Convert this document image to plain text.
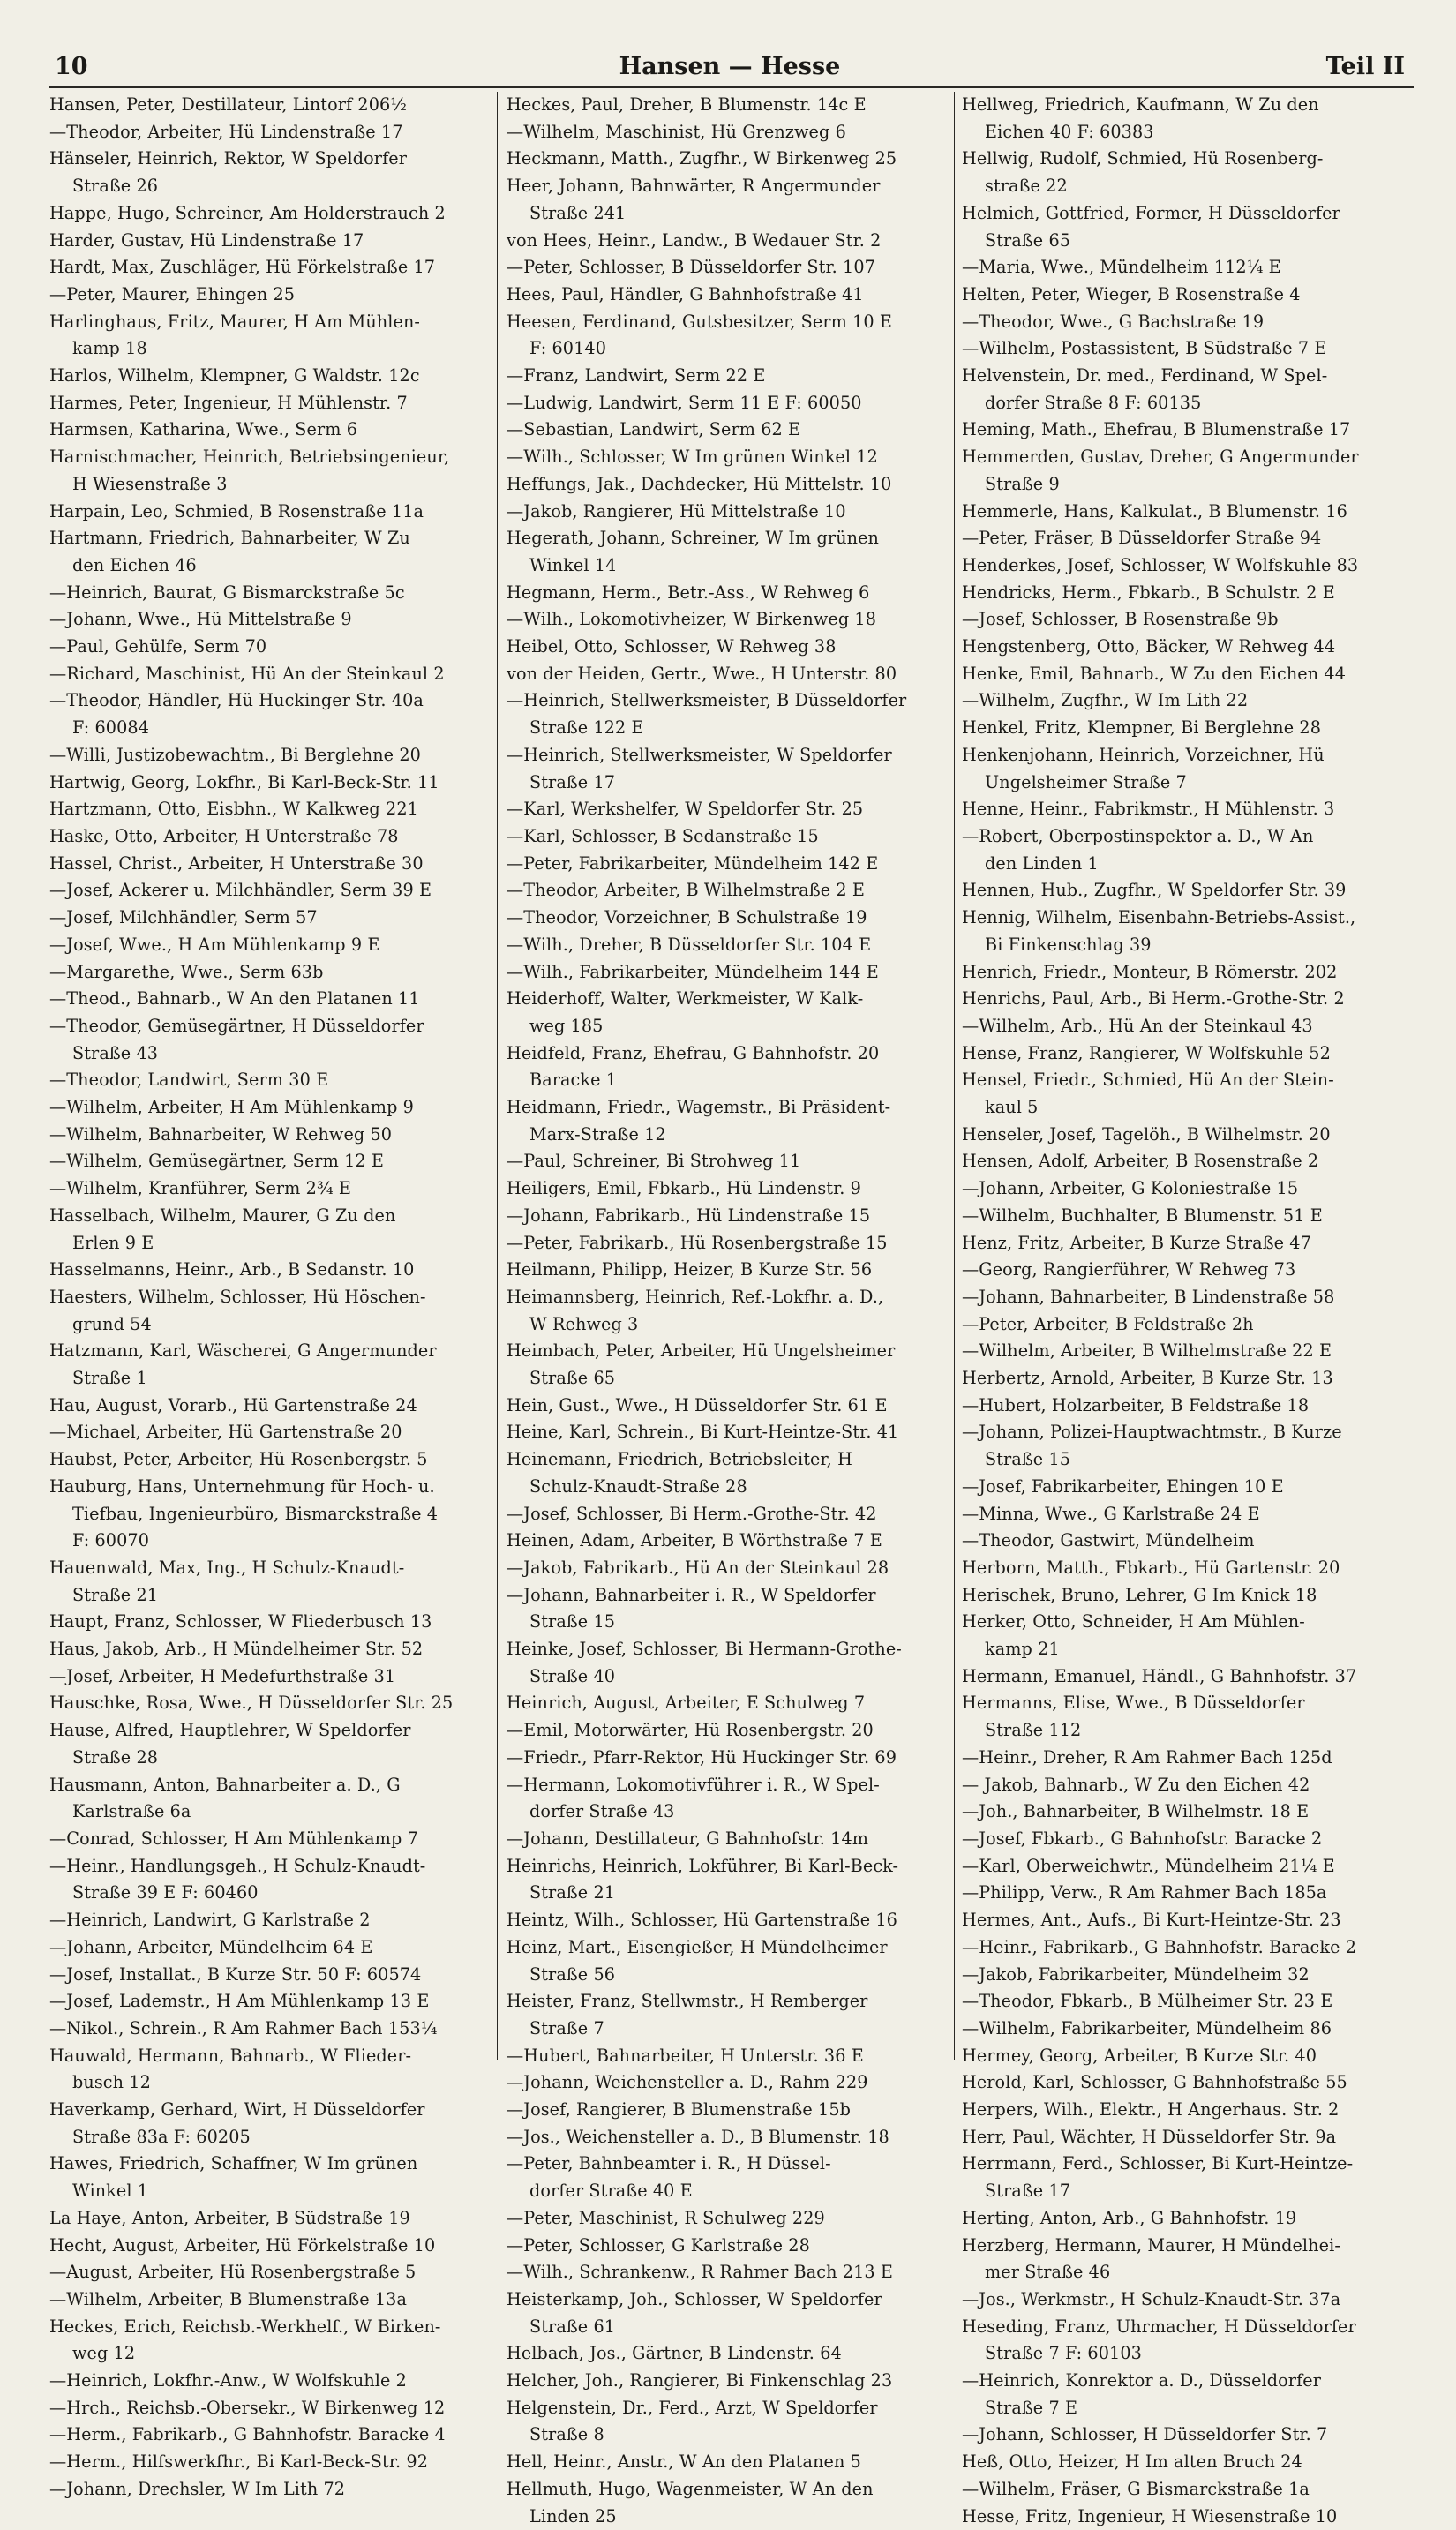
10	Hansen — Hesse	Teil II
Hansen, Peter, Destillateur, Lintorf 206½
—Theodor, Arbeiter, Hü Lindenstraße 17
Hänseler, Heinrich, Rektor, W Speldorfer
Straße 26
Happe, Hugo, Schreiner, Am Holderstrauch 2
Harder, Gustav, Hü Lindenstraße 17
Hardt, Max, Zuschläger, Hü Förkelstraße 17
—Peter, Maurer, Ehingen 25
Harlinghaus, Fritz, Maurer, H Am Mühlen-
kamp 18
Harlos, Wilhelm, Klempner, G Waldstr. 12c
Harmes, Peter, Ingenieur, H Mühlenstr. 7
Harmsen, Katharina, Wwe., Serm 6
Harnischmacher, Heinrich, Betriebsingenieur,
H Wiesenstraße 3
Harpain, Leo, Schmied, B Rosenstraße 11a
Hartmann, Friedrich, Bahnarbeiter, W Zu
den Eichen 46
—Heinrich, Baurat, G Bismarckstraße 5c
—Johann, Wwe., Hü Mittelstraße 9
—Paul, Gehülfe, Serm 70
—Richard, Maschinist, Hü An der Steinkaul 2
—Theodor, Händler, Hü Huckinger Str. 40a
F: 60084
—Willi, Justizobewachtm., Bi Berglehne 20
Hartwig, Georg, Lokfhr., Bi Karl-Beck-Str. 11
Hartzmann, Otto, Eisbhn., W Kalkweg 221
Haske, Otto, Arbeiter, H Unterstraße 78
Hassel, Christ., Arbeiter, H Unterstraße 30
—Josef, Ackerer u. Milchhändler, Serm 39 E
—Josef, Milchhändler, Serm 57
—Josef, Wwe., H Am Mühlenkamp 9 E
—Margarethe, Wwe., Serm 63b
—Theod., Bahnarb., W An den Platanen 11
—Theodor, Gemüsegärtner, H Düsseldorfer
Straße 43
—Theodor, Landwirt, Serm 30 E
—Wilhelm, Arbeiter, H Am Mühlenkamp 9
—Wilhelm, Bahnarbeiter, W Rehweg 50
—Wilhelm, Gemüsegärtner, Serm 12 E
—Wilhelm, Kranführer, Serm 2¾ E
Hasselbach, Wilhelm, Maurer, G Zu den
Erlen 9 E
Hasselmanns, Heinr., Arb., B Sedanstr. 10
Haesters, Wilhelm, Schlosser, Hü Höschen-
grund 54
Hatzmann, Karl, Wäscherei, G Angermunder
Straße 1
Hau, August, Vorarb., Hü Gartenstraße 24
—Michael, Arbeiter, Hü Gartenstraße 20
Haubst, Peter, Arbeiter, Hü Rosenbergstr. 5
Hauburg, Hans, Unternehmung für Hoch- u.
Tiefbau, Ingenieurbüro, Bismarckstraße 4
F: 60070
Hauenwald, Max, Ing., H Schulz-Knaudt-
Straße 21
Haupt, Franz, Schlosser, W Fliederbusch 13
Haus, Jakob, Arb., H Mündelheimer Str. 52
—Josef, Arbeiter, H Medefurthstraße 31
Hauschke, Rosa, Wwe., H Düsseldorfer Str. 25
Hause, Alfred, Hauptlehrer, W Speldorfer
Straße 28
Hausmann, Anton, Bahnarbeiter a. D., G
Karlstraße 6a
—Conrad, Schlosser, H Am Mühlenkamp 7
—Heinr., Handlungsgeh., H Schulz-Knaudt-
Straße 39 E F: 60460
—Heinrich, Landwirt, G Karlstraße 2
—Johann, Arbeiter, Mündelheim 64 E
—Josef, Installat., B Kurze Str. 50 F: 60574
—Josef, Lademstr., H Am Mühlenkamp 13 E
—Nikol., Schrein., R Am Rahmer Bach 153¼
Hauwald, Hermann, Bahnarb., W Flieder-
busch 12
Haverkamp, Gerhard, Wirt, H Düsseldorfer
Straße 83a F: 60205
Hawes, Friedrich, Schaffner, W Im grünen
Winkel 1
La Haye, Anton, Arbeiter, B Südstraße 19
Hecht, August, Arbeiter, Hü Förkelstraße 10
—August, Arbeiter, Hü Rosenbergstraße 5
—Wilhelm, Arbeiter, B Blumenstraße 13a
Heckes, Erich, Reichsb.-Werkhelf., W Birken-
weg 12
—Heinrich, Lokfhr.-Anw., W Wolfskuhle 2
—Hrch., Reichsb.-Obersekr., W Birkenweg 12
—Herm., Fabrikarb., G Bahnhofstr. Baracke 4
—Herm., Hilfswerkfhr., Bi Karl-Beck-Str. 92
—Johann, Drechsler, W Im Lith 72
Heckes, Paul, Dreher, B Blumenstr. 14c E
—Wilhelm, Maschinist, Hü Grenzweg 6
Heckmann, Matth., Zugfhr., W Birkenweg 25
Heer, Johann, Bahnwärter, R Angermunder
Straße 241
von Hees, Heinr., Landw., B Wedauer Str. 2
—Peter, Schlosser, B Düsseldorfer Str. 107
Hees, Paul, Händler, G Bahnhofstraße 41
Heesen, Ferdinand, Gutsbesitzer, Serm 10 E
F: 60140
—Franz, Landwirt, Serm 22 E
—Ludwig, Landwirt, Serm 11 E F: 60050
—Sebastian, Landwirt, Serm 62 E
—Wilh., Schlosser, W Im grünen Winkel 12
Heffungs, Jak., Dachdecker, Hü Mittelstr. 10
—Jakob, Rangierer, Hü Mittelstraße 10
Hegerath, Johann, Schreiner, W Im grünen
Winkel 14
Hegmann, Herm., Betr.-Ass., W Rehweg 6
—Wilh., Lokomotivheizer, W Birkenweg 18
Heibel, Otto, Schlosser, W Rehweg 38
von der Heiden, Gertr., Wwe., H Unterstr. 80
—Heinrich, Stellwerksmeister, B Düsseldorfer
Straße 122 E
—Heinrich, Stellwerksmeister, W Speldorfer
Straße 17
—Karl, Werkshelfer, W Speldorfer Str. 25
—Karl, Schlosser, B Sedanstraße 15
—Peter, Fabrikarbeiter, Mündelheim 142 E
—Theodor, Arbeiter, B Wilhelmstraße 2 E
—Theodor, Vorzeichner, B Schulstraße 19
—Wilh., Dreher, B Düsseldorfer Str. 104 E
—Wilh., Fabrikarbeiter, Mündelheim 144 E
Heiderhoff, Walter, Werkmeister, W Kalk-
weg 185
Heidfeld, Franz, Ehefrau, G Bahnhofstr. 20
Baracke 1
Heidmann, Friedr., Wagemstr., Bi Präsident-
Marx-Straße 12
—Paul, Schreiner, Bi Strohweg 11
Heiligers, Emil, Fbkarb., Hü Lindenstr. 9
—Johann, Fabrikarb., Hü Lindenstraße 15
—Peter, Fabrikarb., Hü Rosenbergstraße 15
Heilmann, Philipp, Heizer, B Kurze Str. 56
Heimannsberg, Heinrich, Ref.-Lokfhr. a. D.,
W Rehweg 3
Heimbach, Peter, Arbeiter, Hü Ungelsheimer
Straße 65
Hein, Gust., Wwe., H Düsseldorfer Str. 61 E
Heine, Karl, Schrein., Bi Kurt-Heintze-Str. 41
Heinemann, Friedrich, Betriebsleiter, H
Schulz-Knaudt-Straße 28
—Josef, Schlosser, Bi Herm.-Grothe-Str. 42
Heinen, Adam, Arbeiter, B Wörthstraße 7 E
—Jakob, Fabrikarb., Hü An der Steinkaul 28
—Johann, Bahnarbeiter i. R., W Speldorfer
Straße 15
Heinke, Josef, Schlosser, Bi Hermann-Grothe-
Straße 40
Heinrich, August, Arbeiter, E Schulweg 7
—Emil, Motorwärter, Hü Rosenbergstr. 20
—Friedr., Pfarr-Rektor, Hü Huckinger Str. 69
—Hermann, Lokomotivführer i. R., W Spel-
dorfer Straße 43
—Johann, Destillateur, G Bahnhofstr. 14m
Heinrichs, Heinrich, Lokführer, Bi Karl-Beck-
Straße 21
Heintz, Wilh., Schlosser, Hü Gartenstraße 16
Heinz, Mart., Eisengießer, H Mündelheimer
Straße 56
Heister, Franz, Stellwmstr., H Remberger
Straße 7
—Hubert, Bahnarbeiter, H Unterstr. 36 E
—Johann, Weichensteller a. D., Rahm 229
—Josef, Rangierer, B Blumenstraße 15b
—Jos., Weichensteller a. D., B Blumenstr. 18
—Peter, Bahnbeamter i. R., H Düssel-
dorfer Straße 40 E
—Peter, Maschinist, R Schulweg 229
—Peter, Schlosser, G Karlstraße 28
—Wilh., Schrankenw., R Rahmer Bach 213 E
Heisterkamp, Joh., Schlosser, W Speldorfer
Straße 61
Helbach, Jos., Gärtner, B Lindenstr. 64
Helcher, Joh., Rangierer, Bi Finkenschlag 23
Helgenstein, Dr., Ferd., Arzt, W Speldorfer
Straße 8
Hell, Heinr., Anstr., W An den Platanen 5
Hellmuth, Hugo, Wagenmeister, W An den
Linden 25
Hellweg, Friedrich, Kaufmann, W Zu den
Eichen 40 F: 60383
Hellwig, Rudolf, Schmied, Hü Rosenberg-
straße 22
Helmich, Gottfried, Former, H Düsseldorfer
Straße 65
—Maria, Wwe., Mündelheim 112¼ E
Helten, Peter, Wieger, B Rosenstraße 4
—Theodor, Wwe., G Bachstraße 19
—Wilhelm, Postassistent, B Südstraße 7 E
Helvenstein, Dr. med., Ferdinand, W Spel-
dorfer Straße 8 F: 60135
Heming, Math., Ehefrau, B Blumenstraße 17
Hemmerden, Gustav, Dreher, G Angermunder
Straße 9
Hemmerle, Hans, Kalkulat., B Blumenstr. 16
—Peter, Fräser, B Düsseldorfer Straße 94
Henderkes, Josef, Schlosser, W Wolfskuhle 83
Hendricks, Herm., Fbkarb., B Schulstr. 2 E
—Josef, Schlosser, B Rosenstraße 9b
Hengstenberg, Otto, Bäcker, W Rehweg 44
Henke, Emil, Bahnarb., W Zu den Eichen 44
—Wilhelm, Zugfhr., W Im Lith 22
Henkel, Fritz, Klempner, Bi Berglehne 28
Henkenjohann, Heinrich, Vorzeichner, Hü
Ungelsheimer Straße 7
Henne, Heinr., Fabrikmstr., H Mühlenstr. 3
—Robert, Oberpostinspektor a. D., W An
den Linden 1
Hennen, Hub., Zugfhr., W Speldorfer Str. 39
Hennig, Wilhelm, Eisenbahn-Betriebs-Assist.,
Bi Finkenschlag 39
Henrich, Friedr., Monteur, B Römerstr. 202
Henrichs, Paul, Arb., Bi Herm.-Grothe-Str. 2
—Wilhelm, Arb., Hü An der Steinkaul 43
Hense, Franz, Rangierer, W Wolfskuhle 52
Hensel, Friedr., Schmied, Hü An der Stein-
kaul 5
Henseler, Josef, Tagelöh., B Wilhelmstr. 20
Hensen, Adolf, Arbeiter, B Rosenstraße 2
—Johann, Arbeiter, G Koloniestraße 15
—Wilhelm, Buchhalter, B Blumenstr. 51 E
Henz, Fritz, Arbeiter, B Kurze Straße 47
—Georg, Rangierführer, W Rehweg 73
—Johann, Bahnarbeiter, B Lindenstraße 58
—Peter, Arbeiter, B Feldstraße 2h
—Wilhelm, Arbeiter, B Wilhelmstraße 22 E
Herbertz, Arnold, Arbeiter, B Kurze Str. 13
—Hubert, Holzarbeiter, B Feldstraße 18
—Johann, Polizei-Hauptwachtmstr., B Kurze
Straße 15
—Josef, Fabrikarbeiter, Ehingen 10 E
—Minna, Wwe., G Karlstraße 24 E
—Theodor, Gastwirt, Mündelheim
Herborn, Matth., Fbkarb., Hü Gartenstr. 20
Herischek, Bruno, Lehrer, G Im Knick 18
Herker, Otto, Schneider, H Am Mühlen-
kamp 21
Hermann, Emanuel, Händl., G Bahnhofstr. 37
Hermanns, Elise, Wwe., B Düsseldorfer
Straße 112
—Heinr., Dreher, R Am Rahmer Bach 125d
— Jakob, Bahnarb., W Zu den Eichen 42
—Joh., Bahnarbeiter, B Wilhelmstr. 18 E
—Josef, Fbkarb., G Bahnhofstr. Baracke 2
—Karl, Oberweichwtr., Mündelheim 21¼ E
—Philipp, Verw., R Am Rahmer Bach 185a
Hermes, Ant., Aufs., Bi Kurt-Heintze-Str. 23
—Heinr., Fabrikarb., G Bahnhofstr. Baracke 2
—Jakob, Fabrikarbeiter, Mündelheim 32
—Theodor, Fbkarb., B Mülheimer Str. 23 E
—Wilhelm, Fabrikarbeiter, Mündelheim 86
Hermey, Georg, Arbeiter, B Kurze Str. 40
Herold, Karl, Schlosser, G Bahnhofstraße 55
Herpers, Wilh., Elektr., H Angerhaus. Str. 2
Herr, Paul, Wächter, H Düsseldorfer Str. 9a
Herrmann, Ferd., Schlosser, Bi Kurt-Heintze-
Straße 17
Herting, Anton, Arb., G Bahnhofstr. 19
Herzberg, Hermann, Maurer, H Mündelhei-
mer Straße 46
—Jos., Werkmstr., H Schulz-Knaudt-Str. 37a
Heseding, Franz, Uhrmacher, H Düsseldorfer
Straße 7 F: 60103
—Heinrich, Konrektor a. D., Düsseldorfer
Straße 7 E
—Johann, Schlosser, H Düsseldorfer Str. 7
Heß, Otto, Heizer, H Im alten Bruch 24
—Wilhelm, Fräser, G Bismarckstraße 1a
Hesse, Fritz, Ingenieur, H Wiesenstraße 10
